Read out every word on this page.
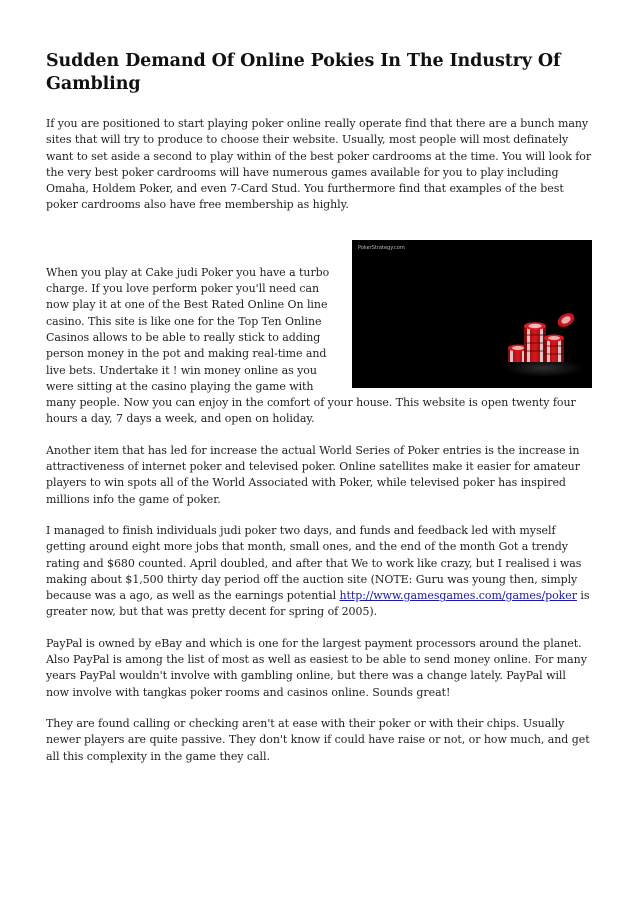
Sudden Demand Of Online Pokies In The Industry Of Gambling

If you are positioned to start playing poker online really operate find that there are a bunch many sites that will try to produce to choose their website. Usually, most people will most definately want to set aside a second to play within of the best poker cardrooms at the time. You will look for the very best poker cardrooms will have numerous games available for you to play including Omaha, Holdem Poker, and even 7-Card Stud. You furthermore find that examples of the best poker cardrooms also have free membership as highly.

PokerStrategy.com

When you play at Cake judi Poker you have a turbo charge. If you love perform poker you'll need can now play it at one of the Best Rated Online On line casino. This site is like one for the Top Ten Online Casinos allows to be able to really stick to adding person money in the pot and making real-time and live bets. Undertake it ! win money online as you were sitting at the casino playing the game with many people. Now you can enjoy in the comfort of your house. This website is open twenty four hours a day, 7 days a week, and open on holiday.

Another item that has led for increase the actual World Series of Poker entries is the increase in attractiveness of internet poker and televised poker. Online satellites make it easier for amateur players to win spots all of the World Associated with Poker, while televised poker has inspired millions info the game of poker.

I managed to finish individuals judi poker two days, and funds and feedback led with myself getting around eight more jobs that month, small ones, and the end of the month Got a trendy rating and $680 counted. April doubled, and after that We to work like crazy, but I realised i was making about $1,500 thirty day period off the auction site (NOTE: Guru was young then, simply because was a ago, as well as the earnings potential http://www.gamesgames.com/games/poker is greater now, but that was pretty decent for spring of 2005).

PayPal is owned by eBay and which is one for the largest payment processors around the planet. Also PayPal is among the list of most as well as easiest to be able to send money online. For many years PayPal wouldn't involve with gambling online, but there was a change lately. PayPal will now involve with tangkas poker rooms and casinos online. Sounds great!

They are found calling or checking aren't at ease with their poker or with their chips. Usually newer players are quite passive. They don't know if could have raise or not, or how much, and get all this complexity in the game they call.
